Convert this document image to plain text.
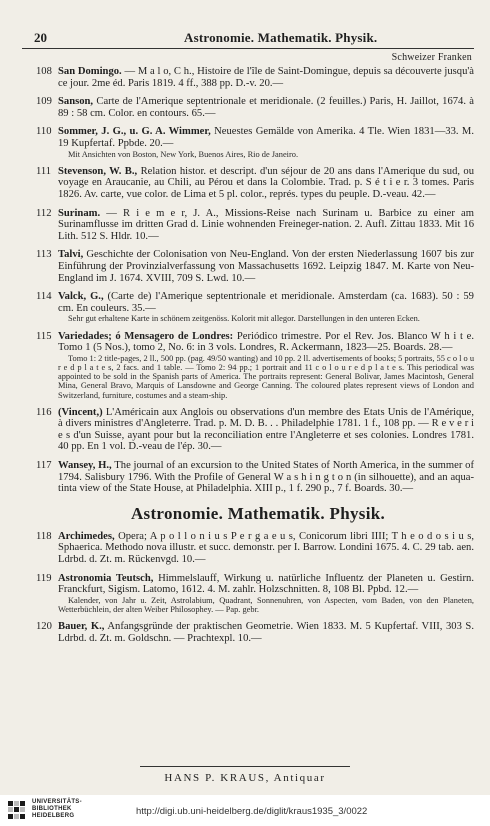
20	Astronomie. Mathematik. Physik.
Schweizer Franken
108 San Domingo. — M a l o, C h., Histoire de l'île de Saint-Domingue, depuis sa découverte jusqu'à ce jour. 2me éd. Paris 1819. 4 ff., 388 pp. D.-v. 20.—
109 Sanson, Carte de l'Amerique septentrionale et meridionale. (2 feuilles.) Paris, H. Jaillot, 1674. à 89 : 58 cm. Color. en contours. 65.—
110 Sommer, J. G., u. G. A. Wimmer, Neuestes Gemälde von Amerika. 4 Tle. Wien 1831—33. M. 19 Kupfertaf. Ppbde. 20.—
Mit Ansichten von Boston, New York, Buenos Aires, Rio de Janeiro.
111 Stevenson, W. B., Relation histor. et descript. d'un séjour de 20 ans dans l'Amerique du sud, ou voyage en Araucanie, au Chili, au Pérou et dans la Colombie. Trad. p. S é t i e r. 3 tomes. Paris 1826. Av. carte, vue color. de Lima et 5 pl. color., représ. types du peuple. D.-veau. 42.—
112 Surinam. — R i e m e r, J. A., Missions-Reise nach Surinam u. Barbice zu einer am Surinamflusse im dritten Grad d. Linie wohnenden Freineger-nation. 2. Aufl. Zittau 1833. Mit 16 Lith. 512 S. Hldr. 10.—
113 Talvi, Geschichte der Colonisation von Neu-England. Von der ersten Niederlassung 1607 bis zur Einführung der Provinzialverfassung von Massachusetts 1692. Leipzig 1847. M. Karte von Neu-England im J. 1674. XVIII, 709 S. Lwd. 10.—
114 Valck, G., (Carte de) l'Amerique septentrionale et meridionale. Amsterdam (ca. 1683). 50 : 59 cm. En couleurs. 35.—
Sehr gut erhaltene Karte in schönem zeitgenöss. Kolorit mit allegor. Darstellungen in den unteren Ecken.
115 Variedades; ó Mensagero de Londres: Periódico trimestre. Por el Rev. Jos. Blanco W h i t e. Tomo 1 (5 Nos.), tomo 2, No. 6: in 3 vols. Londres, R. Ackermann, 1823—25. Boards. 28.—
Tomo 1: 2 title-pages, 2 ll., 500 pp. (pag. 49/50 wanting) and 10 pp. 2 ll. advertisements of books; 5 portraits, 55 c o l o u r e d p l a t e s, 2 facs. and 1 table. — Tomo 2: 94 pp.; 1 portrait and 11 c o l o u r e d p l a t e s. This periodical was appointed to be sold in the Spanish parts of America. The portraits represent: General Bolivar, James Macintosh, General Mina, General Bravo, Marquis of Lansdowne and George Canning. The coloured plates represent views of London and Switzerland, furniture, costumes and a steam-ship.
116 (Vincent,) L'Américain aux Anglois ou observations d'un membre des Etats Unis de l'Amérique, à divers ministres d'Angleterre. Trad. p. M. D. B. . . Philadelphie 1781. 1 f., 108 pp. — R e v e r i e s d'un Suisse, ayant pour but la reconciliation entre l'Angleterre et ses colonies. Londres 1781. 40 pp. En 1 vol. D.-veau de l'ép. 30.—
117 Wansey, H., The journal of an excursion to the United States of North America, in the summer of 1794. Salisbury 1796. With the Profile of General W a s h i n g t o n (in silhouette), and an aqua-tinta view of the State House, at Philadelphia. XIII p., 1 f. 290 p., 7 f. Boards. 30.—
Astronomie. Mathematik. Physik.
118 Archimedes, Opera; A p o l l o n i u s P e r g a e u s, Conicorum libri IIII; T h e o d o s i u s, Sphaerica. Methodo nova illustr. et succ. demonstr. per I. Barrow. Londini 1675. 4. C. 29 tab. aen. Ldrbd. d. Zt. m. Rückenvgd. 10.—
119 Astronomia Teutsch, Himmelslauff, Wirkung u. natürliche Influentz der Planeten u. Gestirn. Franckfurt, Sigism. Latomo, 1612. 4. M. zahlr. Holzschnitten. 8, 108 Bl. Ppbd. 12.—
Kalender, von Jahr u. Zeit, Astrolabium, Quadrant, Sonnenuhren, von Aspecten, vom Baden, von den Planeten, Wetterbüchlein, der alten Weiber Philosophey. — Pap. gebr.
120 Bauer, K., Anfangsgründe der praktischen Geometrie. Wien 1833. M. 5 Kupfertaf. VIII, 303 S. Ldrbd. d. Zt. m. Goldschn. — Prachtexpl. 10.—
HANS P. KRAUS, Antiquar
UNIVERSITÄTS-
BIBLIOTHEK
HEIDELBERG	http://digi.ub.uni-heidelberg.de/diglit/kraus1935_3/0022
